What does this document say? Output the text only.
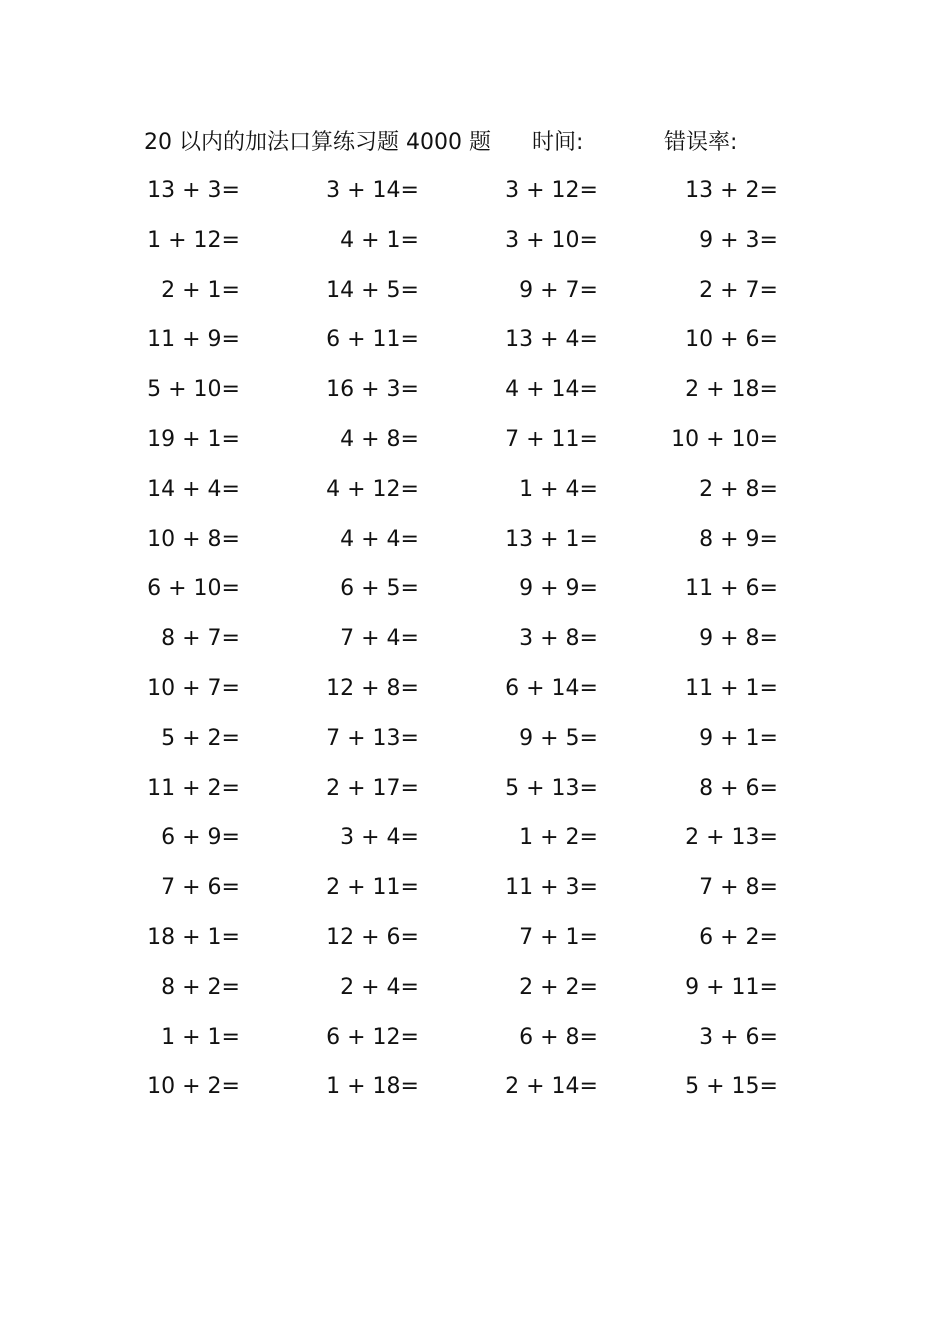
20 以内的加法口算练习题 4000 题 时间:	错误率:
13 + 3=	3 + 14=	3 + 12=	13 + 2=
1 + 12=	4 + 1=	3 + 10=	9 + 3=
2 + 1=	14 + 5=	9 + 7=	2 + 7=
11 + 9=	6 + 11=	13 + 4=	10 + 6=
5 + 10=	16 + 3=	4 + 14=	2 + 18=
19 + 1=	4 + 8=	7 + 11=	10 + 10=
14 + 4=	4 + 12=	1 + 4=	2 + 8=
10 + 8=	4 + 4=	13 + 1=	8 + 9=
6 + 10=	6 + 5=	9 + 9=	11 + 6=
8 + 7=	7 + 4=	3 + 8=	9 + 8=
10 + 7=	12 + 8=	6 + 14=	11 + 1=
5 + 2=	7 + 13=	9 + 5=	9 + 1=
11 + 2=	2 + 17=	5 + 13=	8 + 6=
6 + 9=	3 + 4=	1 + 2=	2 + 13=
7 + 6=	2 + 11=	11 + 3=	7 + 8=
18 + 1=	12 + 6=	7 + 1=	6 + 2=
8 + 2=	2 + 4=	2 + 2=	9 + 11=
1 + 1=	6 + 12=	6 + 8=	3 + 6=
10 + 2=	1 + 18=	2 + 14=	5 + 15=
